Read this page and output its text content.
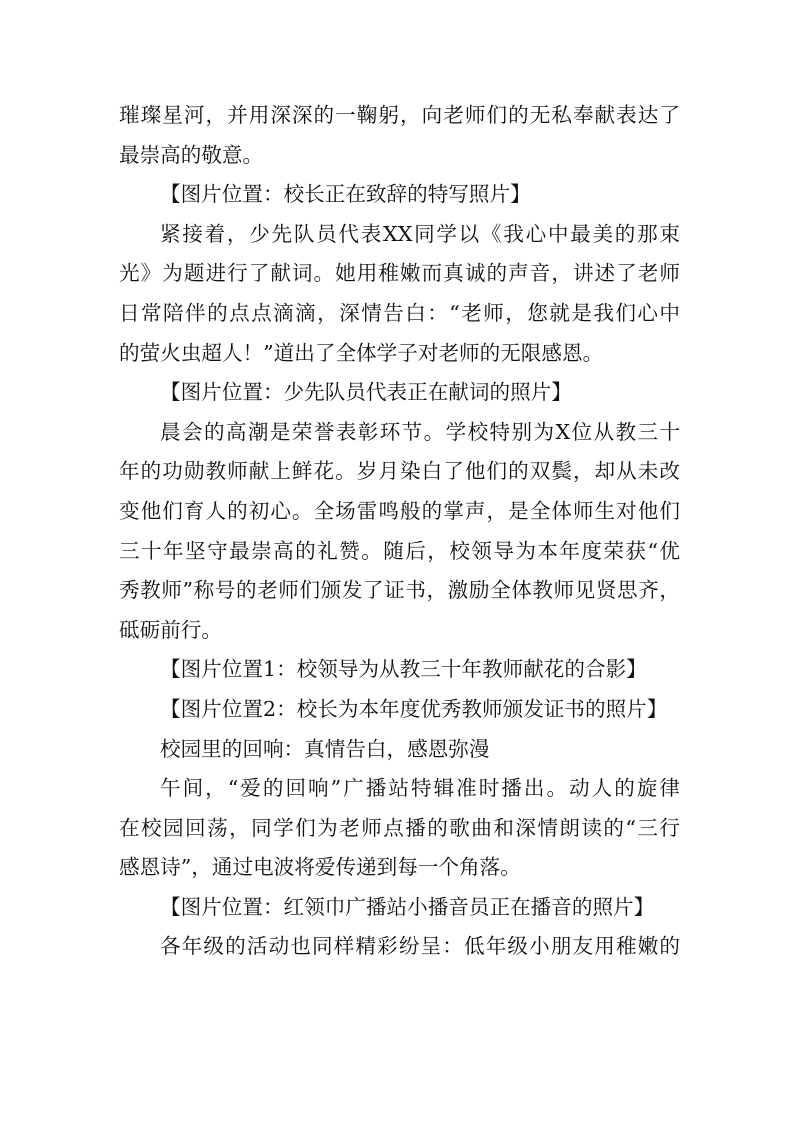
璀璨星河，并用深深的一鞠躬，向老师们的无私奉献表达了
最崇高的敬意。
【图片位置：校长正在致辞的特写照片】
紧接着，少先队员代表XX同学以《我心中最美的那束
光》为题进行了献词。她用稚嫩而真诚的声音，讲述了老师
日常陪伴的点点滴滴，深情告白：“老师，您就是我们心中
的萤火虫超人！”道出了全体学子对老师的无限感恩。
【图片位置：少先队员代表正在献词的照片】
晨会的高潮是荣誉表彰环节。学校特别为X位从教三十
年的功勋教师献上鲜花。岁月染白了他们的双鬓，却从未改
变他们育人的初心。全场雷鸣般的掌声，是全体师生对他们
三十年坚守最崇高的礼赞。随后，校领导为本年度荣获“优
秀教师”称号的老师们颁发了证书，激励全体教师见贤思齐，
砥砺前行。
【图片位置1：校领导为从教三十年教师献花的合影】
【图片位置2：校长为本年度优秀教师颁发证书的照片】
校园里的回响：真情告白，感恩弥漫
午间，“爱的回响”广播站特辑准时播出。动人的旋律
在校园回荡，同学们为老师点播的歌曲和深情朗读的“三行
感恩诗”，通过电波将爱传递到每一个角落。
【图片位置：红领巾广播站小播音员正在播音的照片】
各年级的活动也同样精彩纷呈：低年级小朋友用稚嫩的
